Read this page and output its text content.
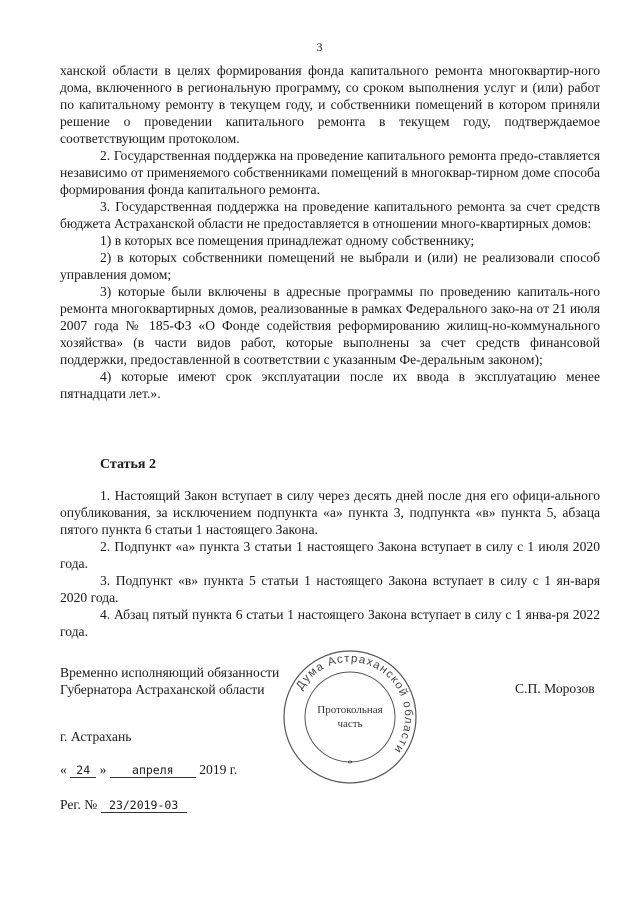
3

ханской области в целях формирования фонда капитального ремонта многоквартир-ного дома, включенного в региональную программу, со сроком выполнения услуг и (или) работ по капитальному ремонту в текущем году, и собственники помещений в котором приняли решение о проведении капитального ремонта в текущем году, подтверждаемое соответствующим протоколом.

2. Государственная поддержка на проведение капитального ремонта предо-ставляется независимо от применяемого собственниками помещений в многоквар-тирном доме способа формирования фонда капитального ремонта.

3. Государственная поддержка на проведение капитального ремонта за счет средств бюджета Астраханской области не предоставляется в отношении много-квартирных домов:

1) в которых все помещения принадлежат одному собственнику;

2) в которых собственники помещений не выбрали и (или) не реализовали способ управления домом;

3) которые были включены в адресные программы по проведению капиталь-ного ремонта многоквартирных домов, реализованные в рамках Федерального зако-на от 21 июля 2007 года № 185-ФЗ «О Фонде содействия реформированию жилищ-но-коммунального хозяйства» (в части видов работ, которые выполнены за счет средств финансовой поддержки, предоставленной в соответствии с указанным Фе-деральным законом);

4) которые имеют срок эксплуатации после их ввода в эксплуатацию менее пятнадцати лет.».

Статья 2

1. Настоящий Закон вступает в силу через десять дней после дня его офици-ального опубликования, за исключением подпункта «а» пункта 3, подпункта «в» пункта 5, абзаца пятого пункта 6 статьи 1 настоящего Закона.

2. Подпункт «а» пункта 3 статьи 1 настоящего Закона вступает в силу с 1 июля 2020 года.

3. Подпункт «в» пункта 5 статьи 1 настоящего Закона вступает в силу с 1 ян-варя 2020 года.

4. Абзац пятый пункта 6 статьи 1 настоящего Закона вступает в силу с 1 янва-ря 2022 года.

Временно исполняющий обязанности
Губернатора Астраханской области	С.П. Морозов
Дума Астраханской области
Протокольная
часть
*
г. Астрахань
« 24 » апреля 2019 г.
Рег. № 23/2019-03
